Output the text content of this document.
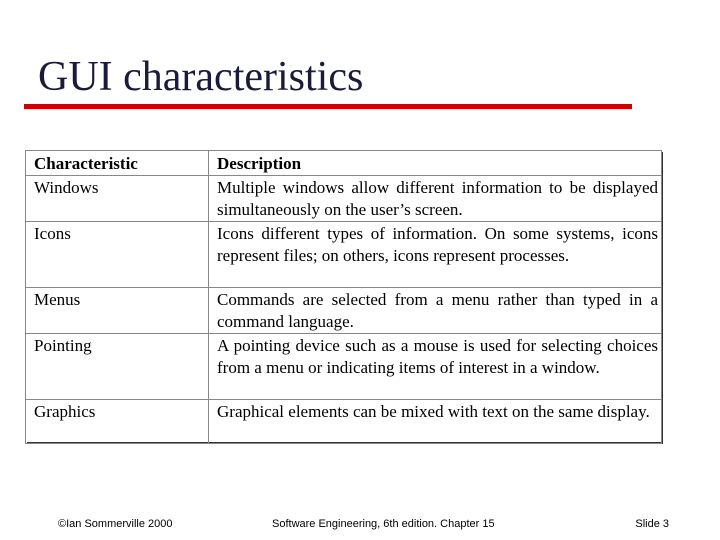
GUI characteristics
Characteristic	Description
Windows	Multiple windows allow different information to be displayed simultaneously on the user’s screen.
Icons	Icons different types of information. On some systems, icons represent files; on others, icons represent processes.
Menus	Commands are selected from a menu rather than typed in a command language.
Pointing	A pointing device such as a mouse is used for selecting choices from a menu or indicating items of interest in a window.
Graphics	Graphical elements can be mixed with text on the same display.
©Ian Sommerville 2000	Software Engineering, 6th edition. Chapter 15	Slide 3
